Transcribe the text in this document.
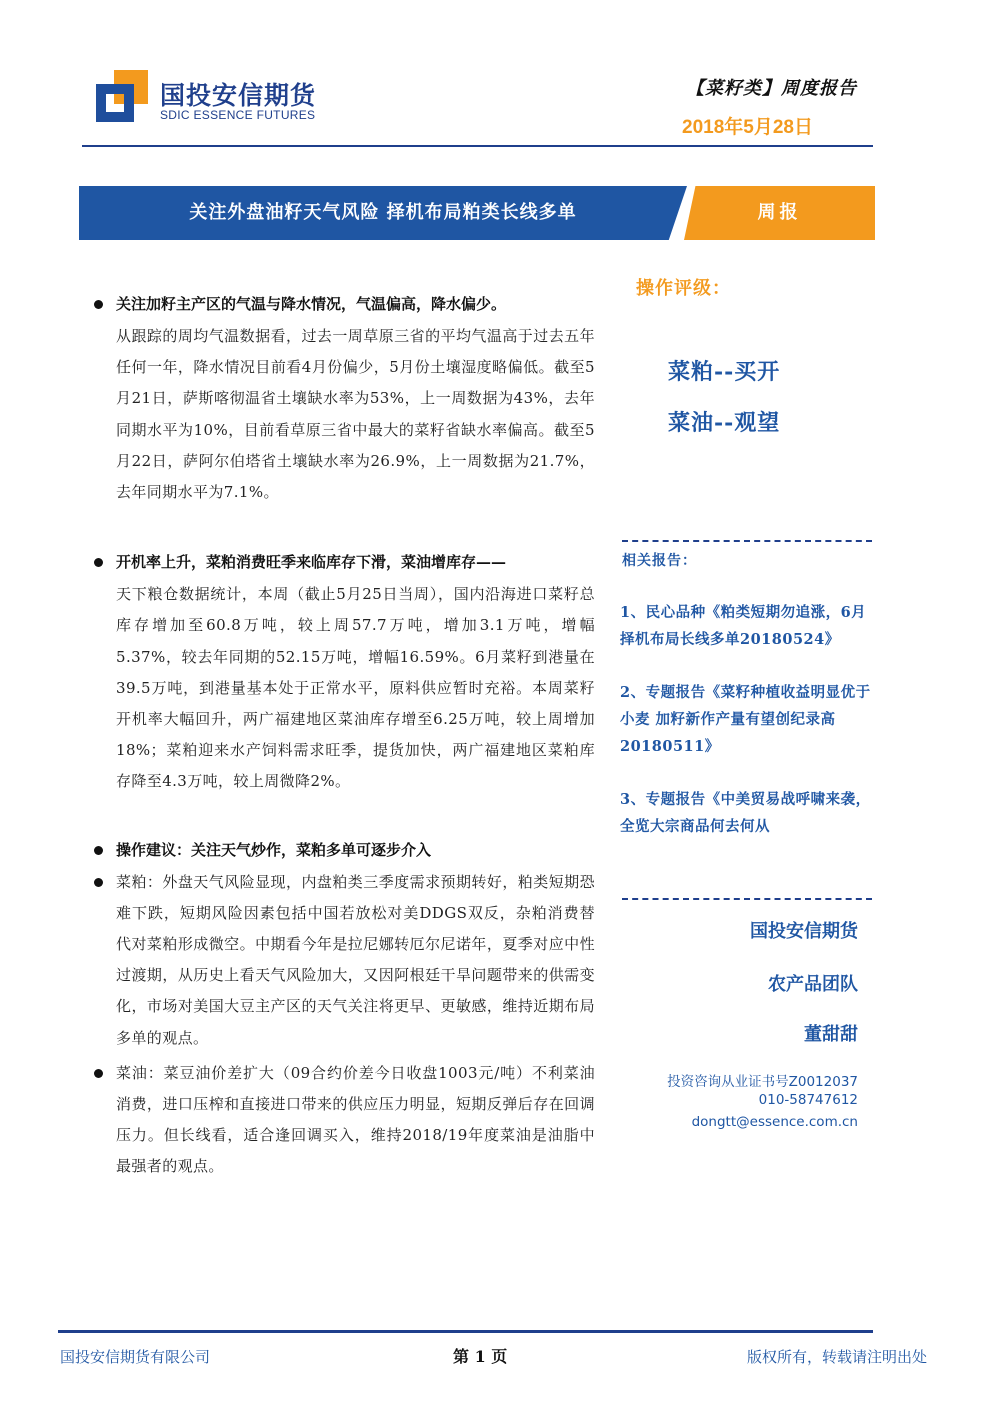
国投安信期货
SDIC ESSENCE FUTURES
【菜籽类】周度报告
2018年5月28日
关注外盘油籽天气风险 择机布局粕类长线多单	周报
关注加籽主产区的气温与降水情况，气温偏高，降水偏少。
从跟踪的周均气温数据看，过去一周草原三省的平均气温高于过去五年任何一年，降水情况目前看4月份偏少，5月份土壤湿度略偏低。截至5月21日，萨斯喀彻温省土壤缺水率为53%，上一周数据为43%，去年同期水平为10%，目前看草原三省中最大的菜籽省缺水率偏高。截至5月22日，萨阿尔伯塔省土壤缺水率为26.9%，上一周数据为21.7%，去年同期水平为7.1%。
开机率上升，菜粕消费旺季来临库存下滑，菜油增库存——
天下粮仓数据统计，本周（截止5月25日当周），国内沿海进口菜籽总库存增加至60.8万吨，较上周57.7万吨，增加3.1万吨，增幅5.37%，较去年同期的52.15万吨，增幅16.59%。6月菜籽到港量在39.5万吨，到港量基本处于正常水平，原料供应暂时充裕。本周菜籽开机率大幅回升，两广福建地区菜油库存增至6.25万吨，较上周增加18%；菜粕迎来水产饲料需求旺季，提货加快，两广福建地区菜粕库存降至4.3万吨，较上周微降2%。
操作建议：关注天气炒作，菜粕多单可逐步介入
菜粕：外盘天气风险显现，内盘粕类三季度需求预期转好，粕类短期恐难下跌，短期风险因素包括中国若放松对美DDGS双反，杂粕消费替代对菜粕形成微空。中期看今年是拉尼娜转厄尔尼诺年，夏季对应中性过渡期，从历史上看天气风险加大，又因阿根廷干旱问题带来的供需变化，市场对美国大豆主产区的天气关注将更早、更敏感，维持近期布局多单的观点。
菜油：菜豆油价差扩大（09合约价差今日收盘1003元/吨）不利菜油消费，进口压榨和直接进口带来的供应压力明显，短期反弹后存在回调压力。但长线看，适合逢回调买入，维持2018/19年度菜油是油脂中最强者的观点。
操作评级：
菜粕--买开
菜油--观望
相关报告：
1、民心品种《粕类短期勿追涨，6月择机布局长线多单20180524》
2、专题报告《菜籽种植收益明显优于小麦 加籽新作产量有望创纪录高20180511》
3、专题报告《中美贸易战呼啸来袭，全览大宗商品何去何从
国投安信期货
农产品团队
董甜甜
投资咨询从业证书号Z0012037
010-58747612
dongtt@essence.com.cn
国投安信期货有限公司	第 1 页	版权所有，转载请注明出处
